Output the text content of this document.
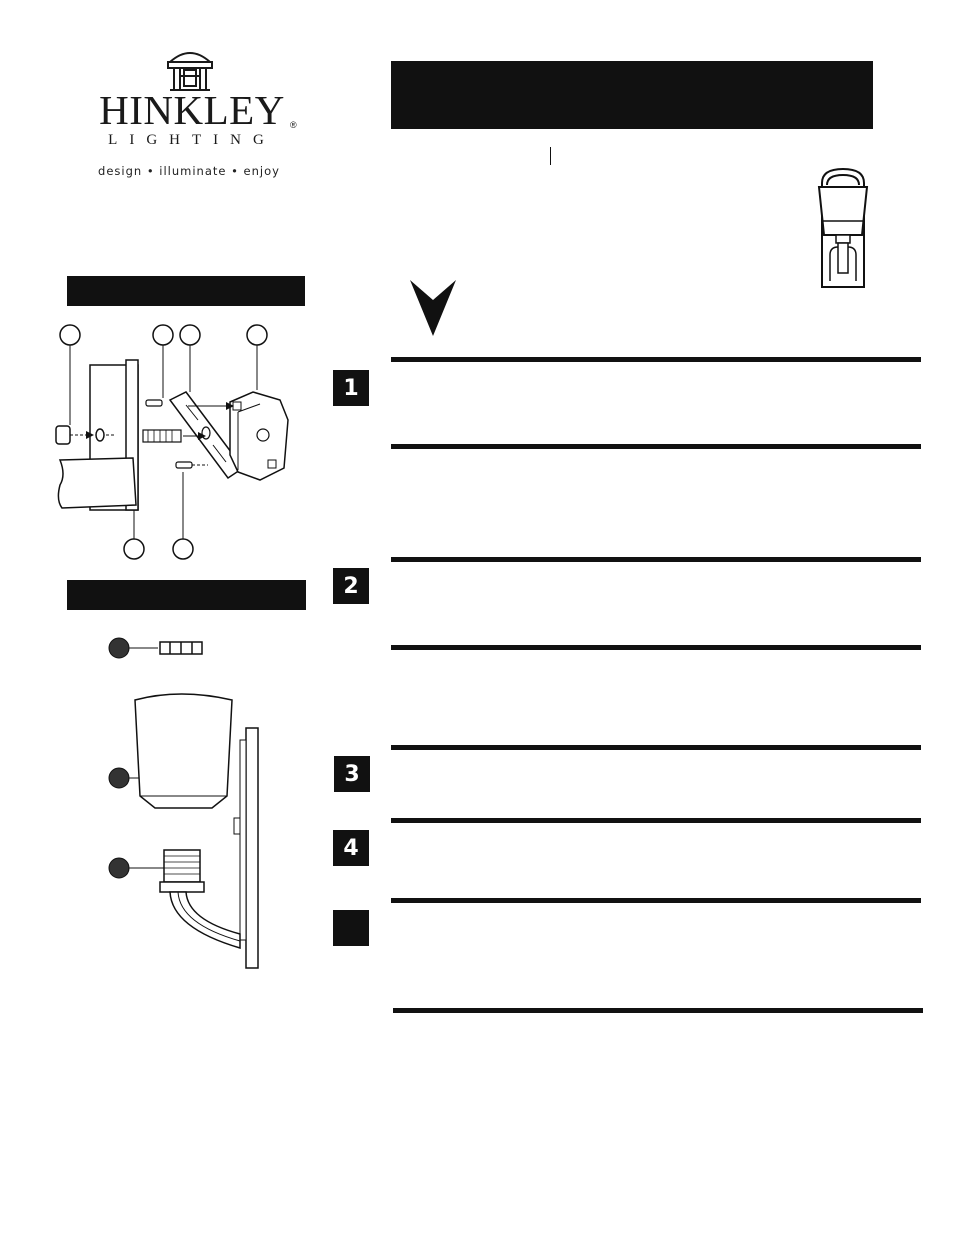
HINKLEY ®
LIGHTING
design • illuminate • enjoy
1
2
3
4
